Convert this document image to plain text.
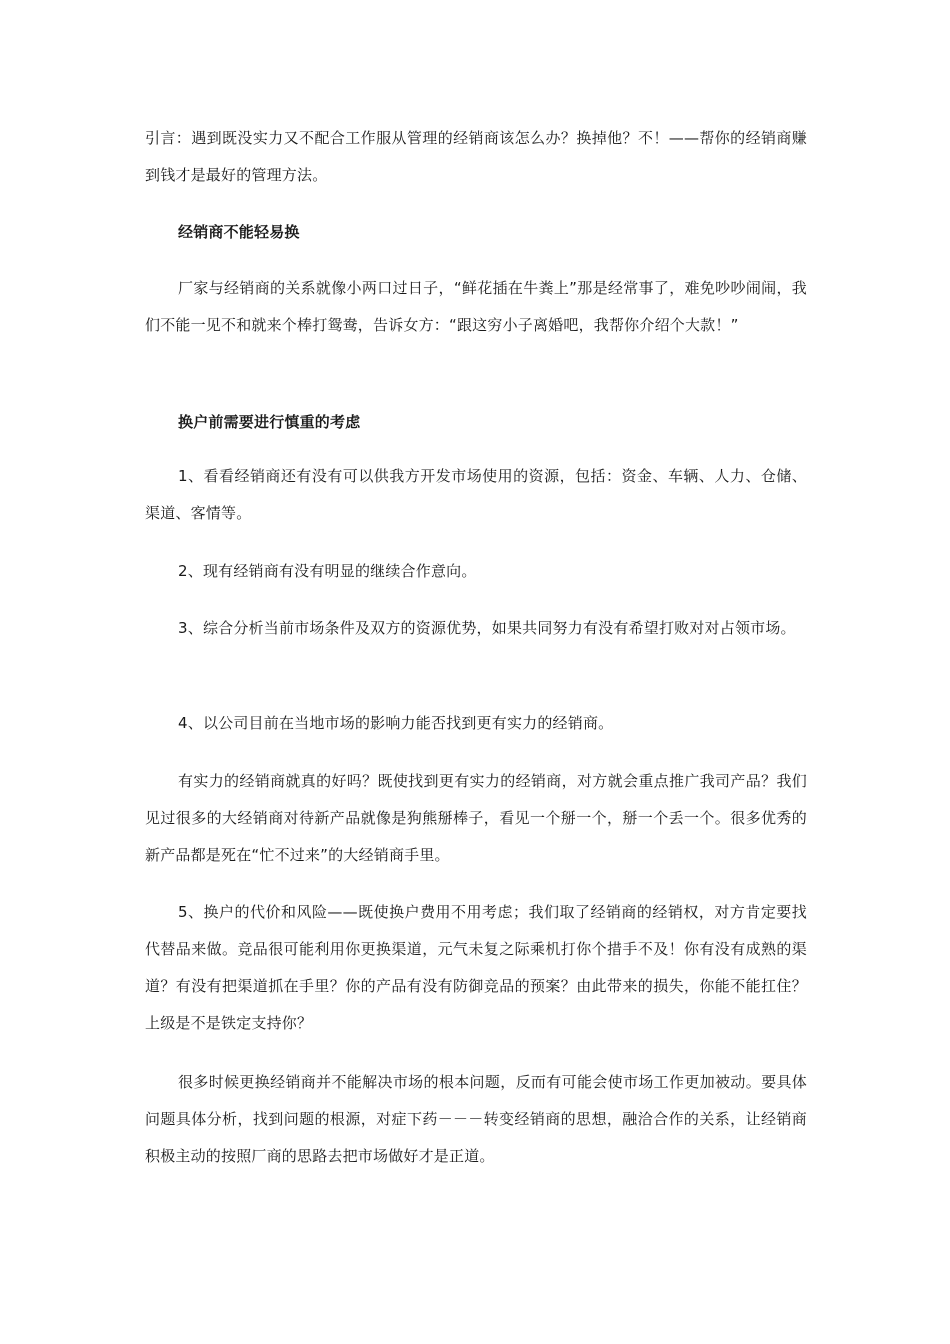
引言：遇到既没实力又不配合工作服从管理的经销商该怎么办？换掉他？不！——帮你的经销商赚到钱才是最好的管理方法。

经销商不能轻易换

厂家与经销商的关系就像小两口过日子，“鲜花插在牛粪上”那是经常事了，难免吵吵闹闹，我们不能一见不和就来个棒打鸳鸯，告诉女方：“跟这穷小子离婚吧，我帮你介绍个大款！”

换户前需要进行慎重的考虑

1、看看经销商还有没有可以供我方开发市场使用的资源，包括：资金、车辆、人力、仓储、渠道、客情等。

2、现有经销商有没有明显的继续合作意向。

3、综合分析当前市场条件及双方的资源优势，如果共同努力有没有希望打败对对占领市场。

4、以公司目前在当地市场的影响力能否找到更有实力的经销商。

有实力的经销商就真的好吗？既使找到更有实力的经销商，对方就会重点推广我司产品？我们见过很多的大经销商对待新产品就像是狗熊掰棒子，看见一个掰一个，掰一个丢一个。很多优秀的新产品都是死在“忙不过来”的大经销商手里。

5、换户的代价和风险——既使换户费用不用考虑；我们取了经销商的经销权，对方肯定要找代替品来做。竞品很可能利用你更换渠道，元气未复之际乘机打你个措手不及！你有没有成熟的渠道？有没有把渠道抓在手里？你的产品有没有防御竞品的预案？由此带来的损失，你能不能扛住？上级是不是铁定支持你？

很多时候更换经销商并不能解决市场的根本问题，反而有可能会使市场工作更加被动。要具体问题具体分析，找到问题的根源，对症下药－－－转变经销商的思想，融洽合作的关系，让经销商积极主动的按照厂商的思路去把市场做好才是正道。
